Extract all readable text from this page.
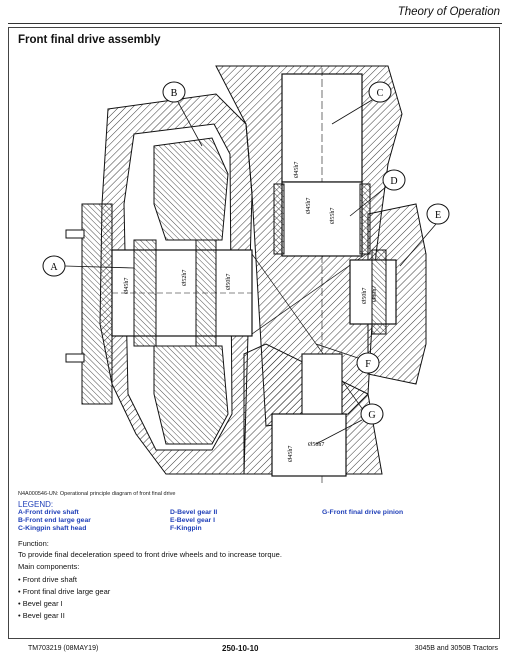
Theory of Operation
Front final drive assembly
Ø45h7	Ø52h7	Ø50h7
Ø45h7
Ø45h7
Ø55h7
Ø50h7 Ø80h7
Ø45h7
Ø50h7
A
B	C
D
E
F
G
N4A000546-UN: Operational principle diagram of front final drive
LEGEND:
A-Front drive shaft
B-Front end large gear
C-Kingpin shaft head
D-Bevel gear II
E-Bevel gear I
F-Kingpin
G-Front final drive pinion
Function:
To provide final deceleration speed to front drive wheels and to increase torque.
Main components:
• Front drive shaft
• Front final drive large gear
• Bevel gear I
• Bevel gear II
TM703219 (08MAY19)	250-10-10	3045B and 3050B Tractors
